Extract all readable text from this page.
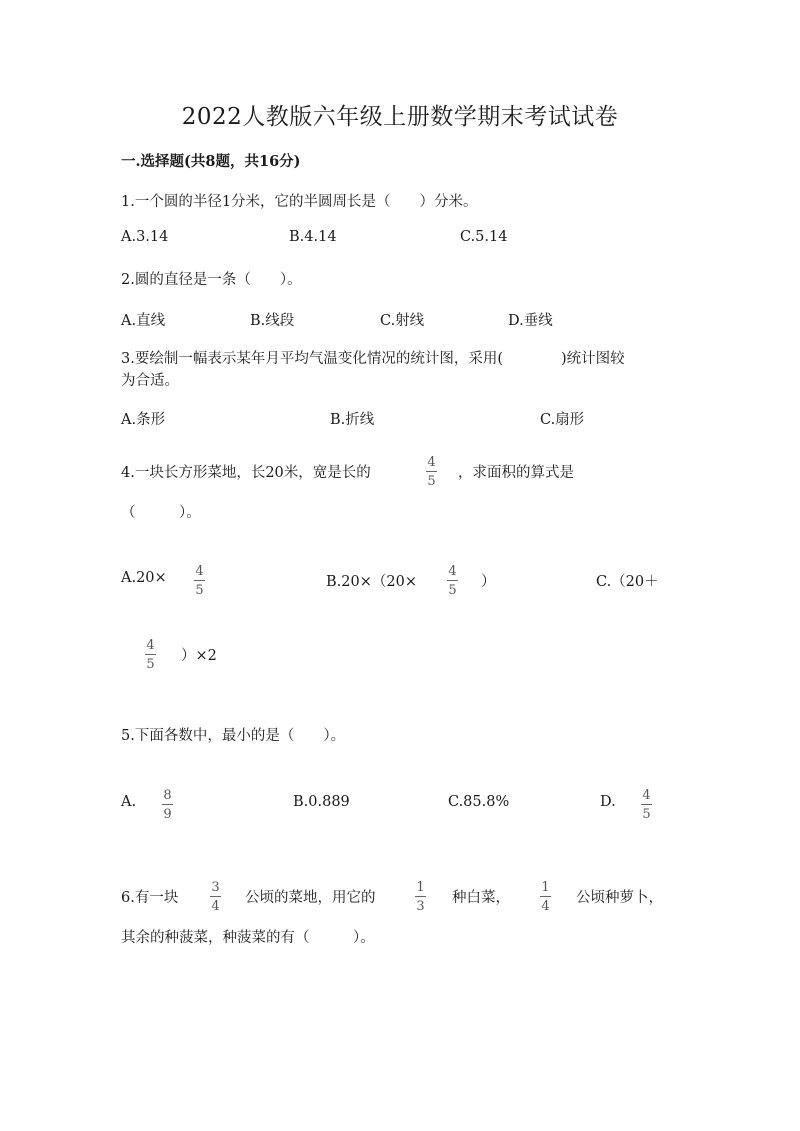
2022人教版六年级上册数学期末考试试卷
一.选择题(共8题，共16分)
1.一个圆的半径1分米，它的半圆周长是（　　）分米。
A.3.14	B.4.14	C.5.14
2.圆的直径是一条（　　）。
A.直线	B.线段	C.射线	D.垂线
3.要绘制一幅表示某年月平均气温变化情况的统计图，采用(　　　　)统计图较
为合适。
A.条形	B.折线	C.扇形
4.一块长方形菜地，长20米，宽是长的
4
5
，求面积的算式是
（　　　）。
A.20× 4
5
B.20×（20×
4
5
）	C.（20＋
4
5
）×2
5.下面各数中，最小的是（　　）。
A. 8
9
B.0.889	C.85.8%	D. 4
5
6.有一块
3
4
公顷的菜地，用它的
1
3
种白菜，
1
4
公顷种萝卜，
其余的种菠菜，种菠菜的有（　　　）。
